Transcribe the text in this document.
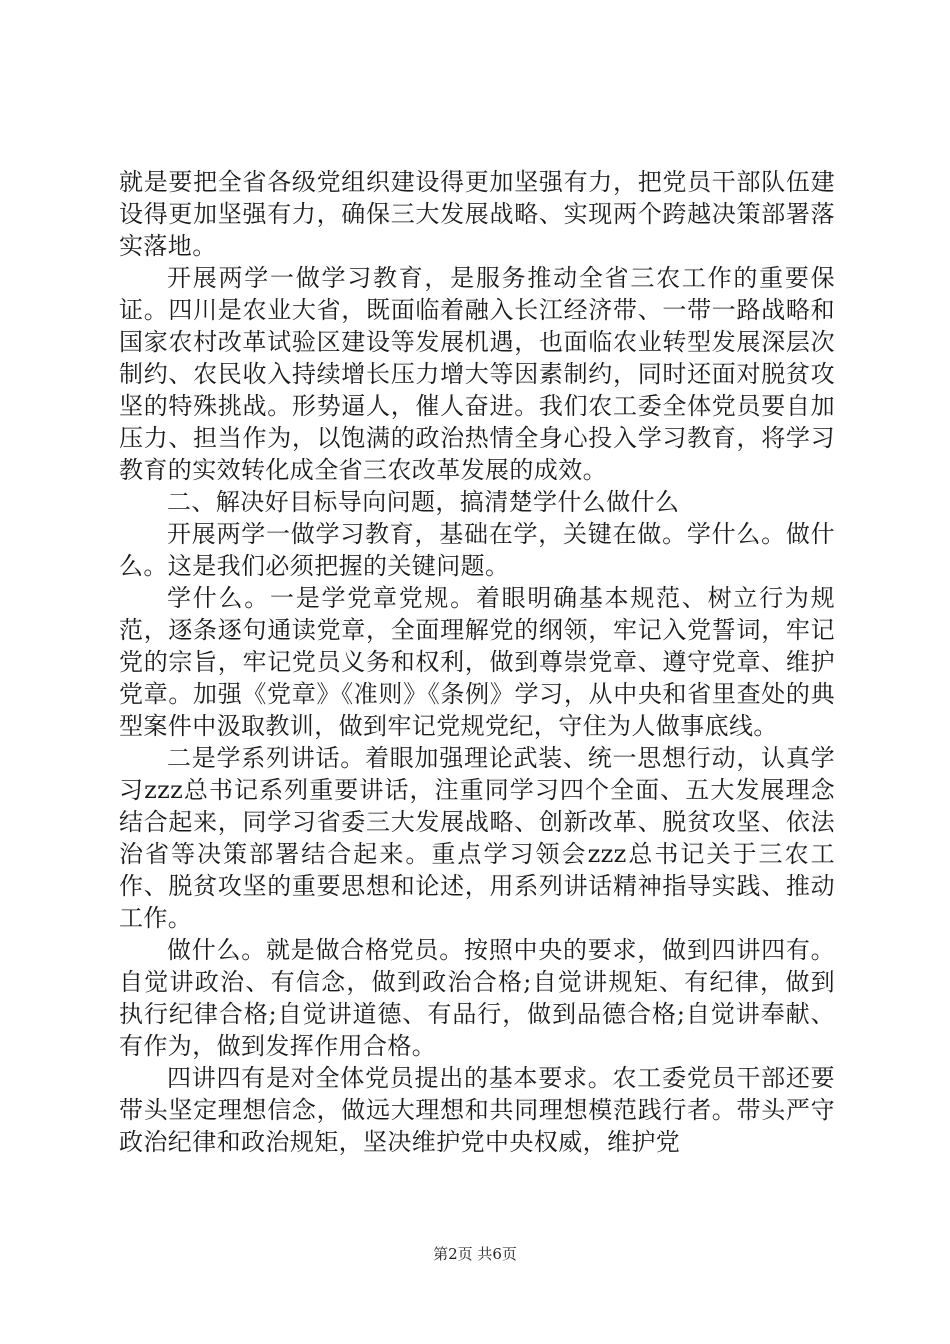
就是要把全省各级党组织建设得更加坚强有力，把党员干部队伍建设得更加坚强有力，确保三大发展战略、实现两个跨越决策部署落实落地。

开展两学一做学习教育，是服务推动全省三农工作的重要保证。四川是农业大省，既面临着融入长江经济带、一带一路战略和国家农村改革试验区建设等发展机遇，也面临农业转型发展深层次制约、农民收入持续增长压力增大等因素制约，同时还面对脱贫攻坚的特殊挑战。形势逼人，催人奋进。我们农工委全体党员要自加压力、担当作为，以饱满的政治热情全身心投入学习教育，将学习教育的实效转化成全省三农改革发展的成效。

二、解决好目标导向问题，搞清楚学什么做什么

开展两学一做学习教育，基础在学，关键在做。学什么。做什么。这是我们必须把握的关键问题。

学什么。一是学党章党规。着眼明确基本规范、树立行为规范，逐条逐句通读党章，全面理解党的纲领，牢记入党誓词，牢记党的宗旨，牢记党员义务和权利，做到尊崇党章、遵守党章、维护党章。加强《党章》《准则》《条例》学习，从中央和省里查处的典型案件中汲取教训，做到牢记党规党纪，守住为人做事底线。

二是学系列讲话。着眼加强理论武装、统一思想行动，认真学习zzz总书记系列重要讲话，注重同学习四个全面、五大发展理念结合起来，同学习省委三大发展战略、创新改革、脱贫攻坚、依法治省等决策部署结合起来。重点学习领会zzz总书记关于三农工作、脱贫攻坚的重要思想和论述，用系列讲话精神指导实践、推动工作。

做什么。就是做合格党员。按照中央的要求，做到四讲四有。自觉讲政治、有信念，做到政治合格;自觉讲规矩、有纪律，做到执行纪律合格;自觉讲道德、有品行，做到品德合格;自觉讲奉献、有作为，做到发挥作用合格。

四讲四有是对全体党员提出的基本要求。农工委党员干部还要带头坚定理想信念，做远大理想和共同理想模范践行者。带头严守政治纪律和政治规矩，坚决维护党中央权威，维护党

第2页 共6页
